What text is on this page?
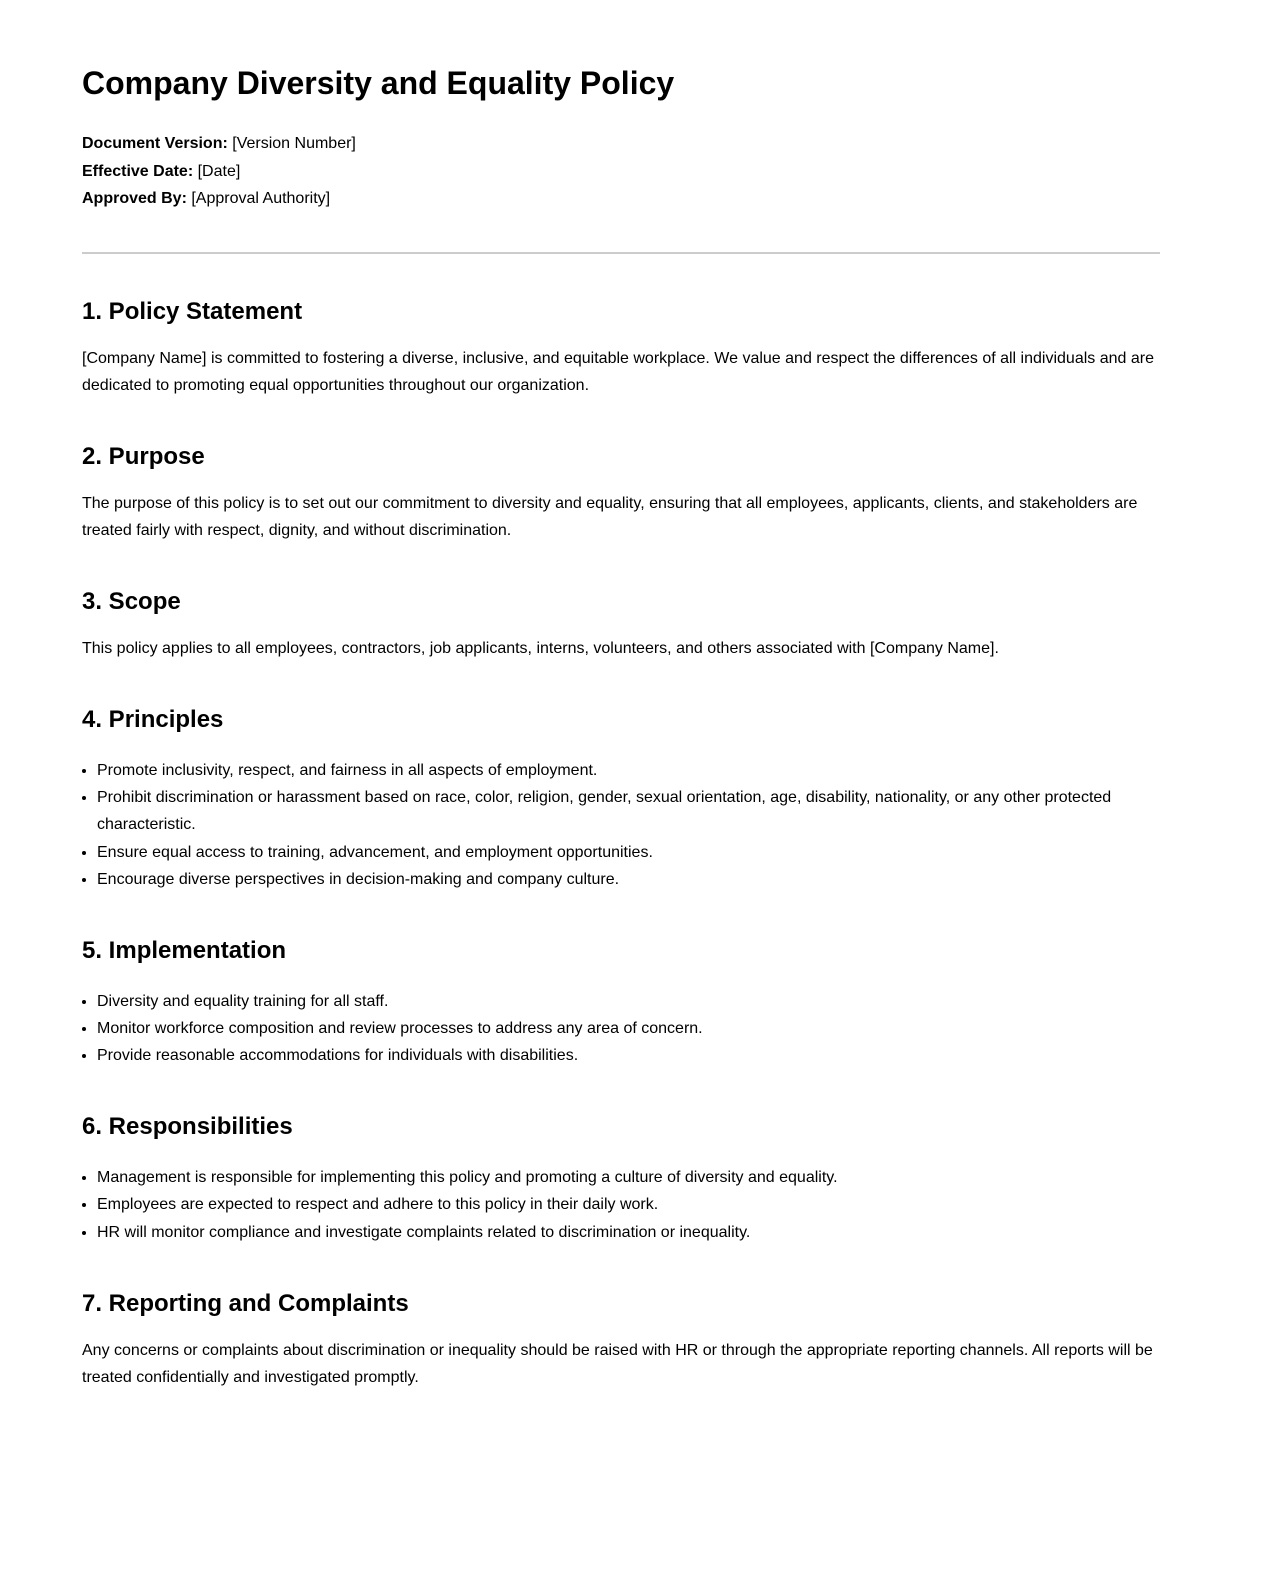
Company Diversity and Equality Policy

Document Version: [Version Number]

Effective Date: [Date]

Approved By: [Approval Authority]

1. Policy Statement

[Company Name] is committed to fostering a diverse, inclusive, and equitable workplace. We value and respect the differences of all individuals and are dedicated to promoting equal opportunities throughout our organization.

2. Purpose

The purpose of this policy is to set out our commitment to diversity and equality, ensuring that all employees, applicants, clients, and stakeholders are treated fairly with respect, dignity, and without discrimination.

3. Scope

This policy applies to all employees, contractors, job applicants, interns, volunteers, and others associated with [Company Name].

4. Principles
• Promote inclusivity, respect, and fairness in all aspects of employment.
• Prohibit discrimination or harassment based on race, color, religion, gender, sexual orientation, age, disability, nationality, or any other protected characteristic.
• Ensure equal access to training, advancement, and employment opportunities.
• Encourage diverse perspectives in decision-making and company culture.
5. Implementation
• Diversity and equality training for all staff.
• Monitor workforce composition and review processes to address any area of concern.
• Provide reasonable accommodations for individuals with disabilities.
6. Responsibilities
• Management is responsible for implementing this policy and promoting a culture of diversity and equality.
• Employees are expected to respect and adhere to this policy in their daily work.
• HR will monitor compliance and investigate complaints related to discrimination or inequality.
7. Reporting and Complaints

Any concerns or complaints about discrimination or inequality should be raised with HR or through the appropriate reporting channels. All reports will be treated confidentially and investigated promptly.
